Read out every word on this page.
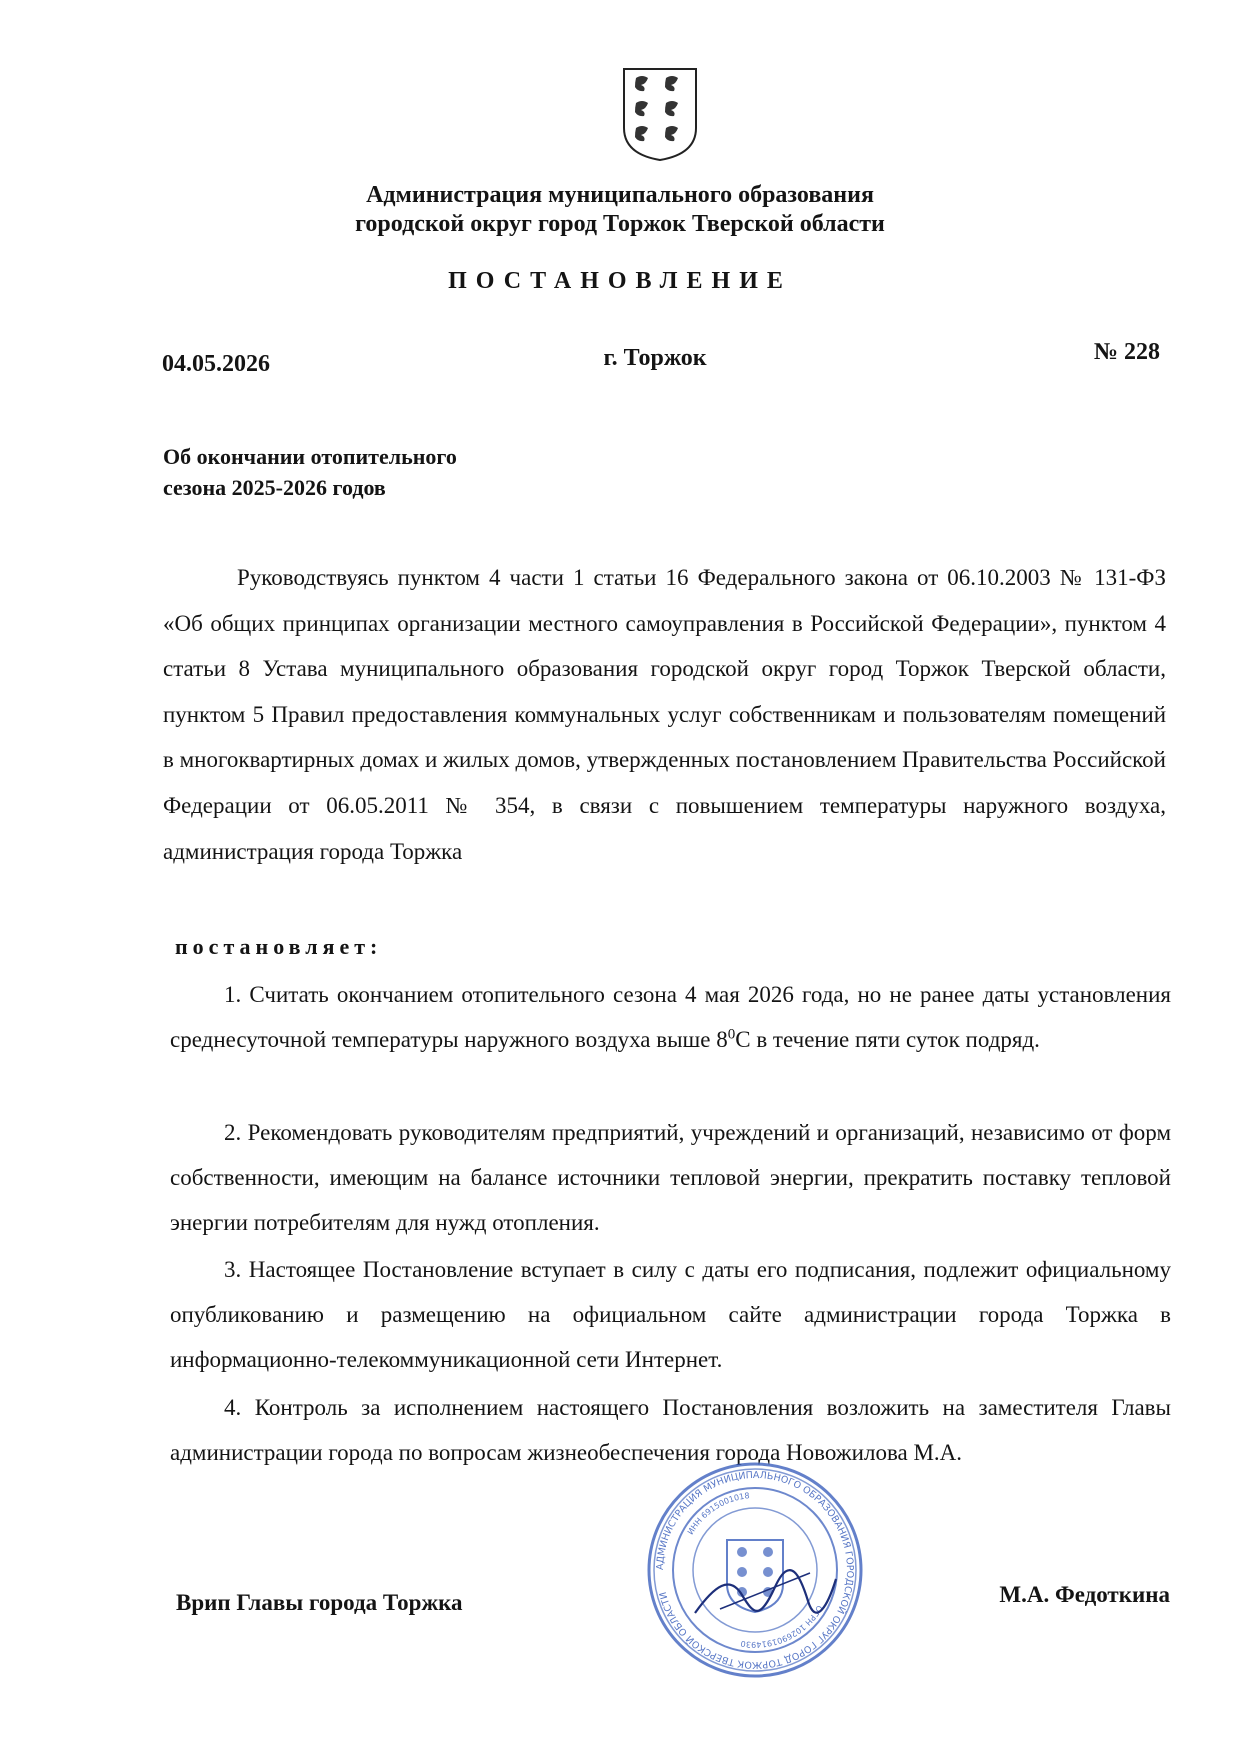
Администрация муниципального образования
городской округ город Торжок Тверской области
ПОСТАНОВЛЕНИЕ
04.05.2026	г. Торжок	№ 228
Об окончании отопительного
сезона 2025-2026 годов
Руководствуясь пунктом 4 части 1 статьи 16 Федерального закона от 06.10.2003 № 131-ФЗ «Об общих принципах организации местного самоуправления в Российской Федерации», пунктом 4 статьи 8 Устава муниципального образования городской округ город Торжок Тверской области, пунктом 5 Правил предоставления коммунальных услуг собственникам и пользователям помещений в многоквартирных домах и жилых домов, утвержденных постановлением Правительства Российской Федерации от 06.05.2011 № 354, в связи с повышением температуры наружного воздуха, администрация города Торжка
постановляет:
1. Считать окончанием отопительного сезона 4 мая 2026 года, но не ранее даты установления среднесуточной температуры наружного воздуха выше $8^0С$ в течение пяти суток подряд.
2. Рекомендовать руководителям предприятий, учреждений и организаций, независимо от форм собственности, имеющим на балансе источники тепловой энергии, прекратить поставку тепловой энергии потребителям для нужд отопления.
3. Настоящее Постановление вступает в силу с даты его подписания, подлежит официальному опубликованию и размещению на официальном сайте администрации города Торжка в информационно-телекоммуникационной сети Интернет.
4. Контроль за исполнением настоящего Постановления возложить на заместителя Главы администрации города по вопросам жизнеобеспечения города Новожилова М.А.
АДМИНИСТРАЦИЯ МУНИЦИПАЛЬНОГО ОБРАЗОВАНИЯ ГОРОДСКОЙ ОКРУГ ГОРОД ТОРЖОК ТВЕРСКОЙ ОБЛАСТИ
ИНН 6915001018
ОГРН 1026901914930
Врип Главы города Торжка	М.А. Федоткина
